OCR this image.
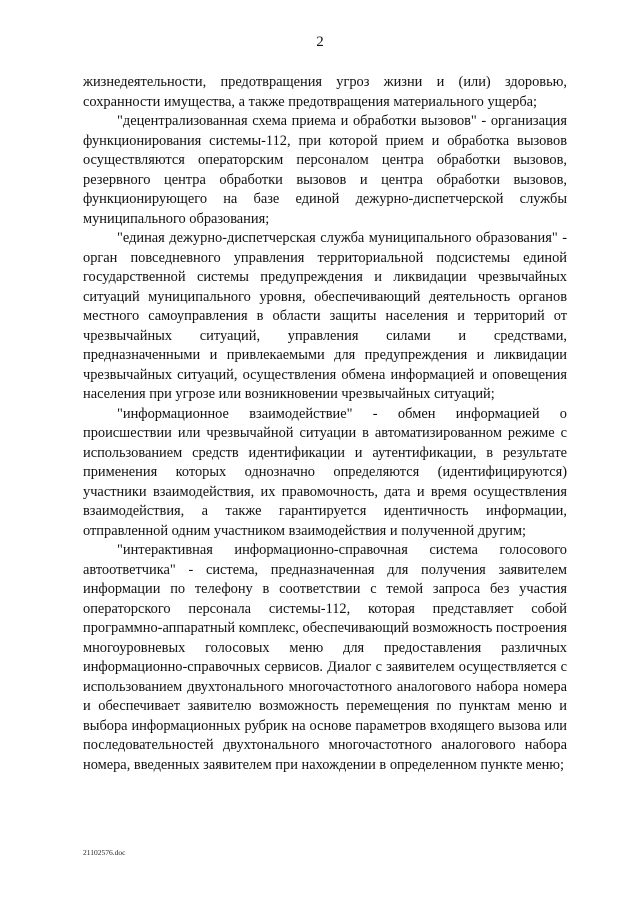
2

жизнедеятельности, предотвращения угроз жизни и (или) здоровью, сохранности имущества, а также предотвращения материального ущерба;

"децентрализованная схема приема и обработки вызовов" - организация функционирования системы-112, при которой прием и обработка вызовов осуществляются операторским персоналом центра обработки вызовов, резервного центра обработки вызовов и центра обработки вызовов, функционирующего на базе единой дежурно-диспетчерской службы муниципального образования;

"единая дежурно-диспетчерская служба муниципального образования" - орган повседневного управления территориальной подсистемы единой государственной системы предупреждения и ликвидации чрезвычайных ситуаций муниципального уровня, обеспечивающий деятельность органов местного самоуправления в области защиты населения и территорий от чрезвычайных ситуаций, управления силами и средствами, предназначенными и привлекаемыми для предупреждения и ликвидации чрезвычайных ситуаций, осуществления обмена информацией и оповещения населения при угрозе или возникновении чрезвычайных ситуаций;

"информационное взаимодействие" - обмен информацией о происшествии или чрезвычайной ситуации в автоматизированном режиме с использованием средств идентификации и аутентификации, в результате применения которых однозначно определяются (идентифицируются) участники взаимодействия, их правомочность, дата и время осуществления взаимодействия, а также гарантируется идентичность информации, отправленной одним участником взаимодействия и полученной другим;

"интерактивная информационно-справочная система голосового автоответчика" - система, предназначенная для получения заявителем информации по телефону в соответствии с темой запроса без участия операторского персонала системы-112, которая представляет собой программно-аппаратный комплекс, обеспечивающий возможность построения многоуровневых голосовых меню для предоставления различных информационно-справочных сервисов. Диалог с заявителем осуществляется с использованием двухтонального многочастотного аналогового набора номера и обеспечивает заявителю возможность перемещения по пунктам меню и выбора информационных рубрик на основе параметров входящего вызова или последовательностей двухтонального многочастотного аналогового набора номера, введенных заявителем при нахождении в определенном пункте меню;

21102576.doc
